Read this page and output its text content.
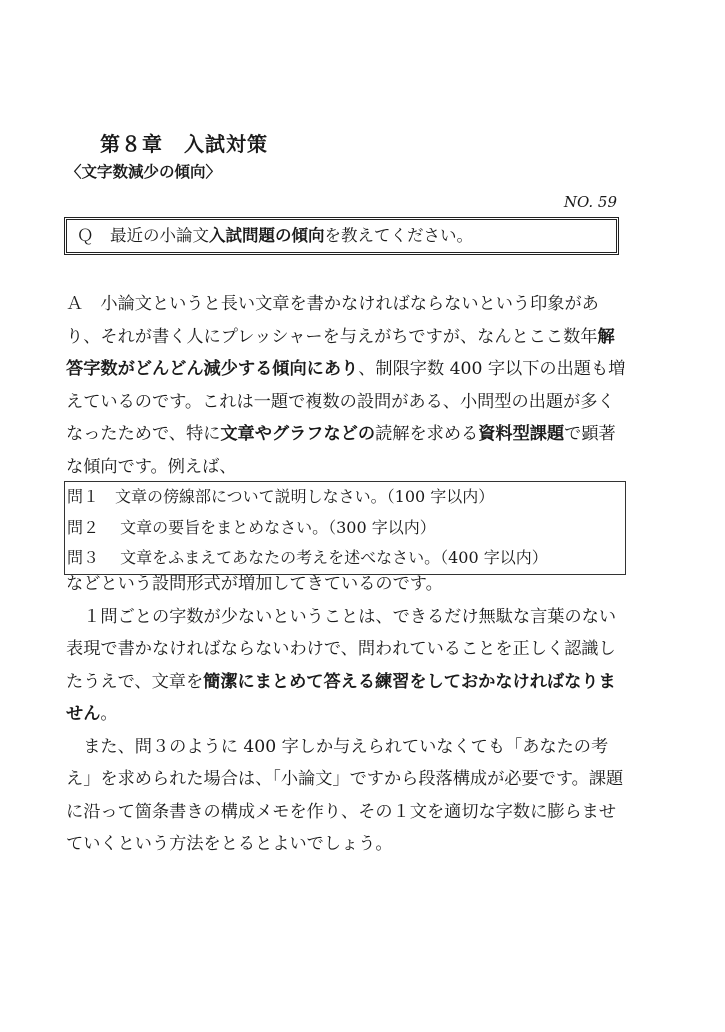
第８章　入試対策
〈文字数減少の傾向〉
NO. 59
Ｑ　最近の小論文入試問題の傾向を教えてください。

Ａ　小論文というと長い文章を書かなければならないという印象があり、それが書く人にプレッシャーを与えがちですが、なんとここ数年解答字数がどんどん減少する傾向にあり、制限字数 400 字以下の出題も増えているのです。これは一題で複数の設問がある、小問型の出題が多くなったためで、特に文章やグラフなどの読解を求める資料型課題で顕著な傾向です。例えば、

問１　文章の傍線部について説明しなさい。（100 字以内）
問２　 文章の要旨をまとめなさい。（300 字以内）
問３　 文章をふまえてあなたの考えを述べなさい。（400 字以内）

などという設問形式が増加してきているのです。

１問ごとの字数が少ないということは、できるだけ無駄な言葉のない表現で書かなければならないわけで、問われていることを正しく認識したうえで、文章を簡潔にまとめて答える練習をしておかなければなりません。

また、問３のように 400 字しか与えられていなくても「あなたの考え」を求められた場合は、「小論文」ですから段落構成が必要です。課題に沿って箇条書きの構成メモを作り、その１文を適切な字数に膨らませていくという方法をとるとよいでしょう。
